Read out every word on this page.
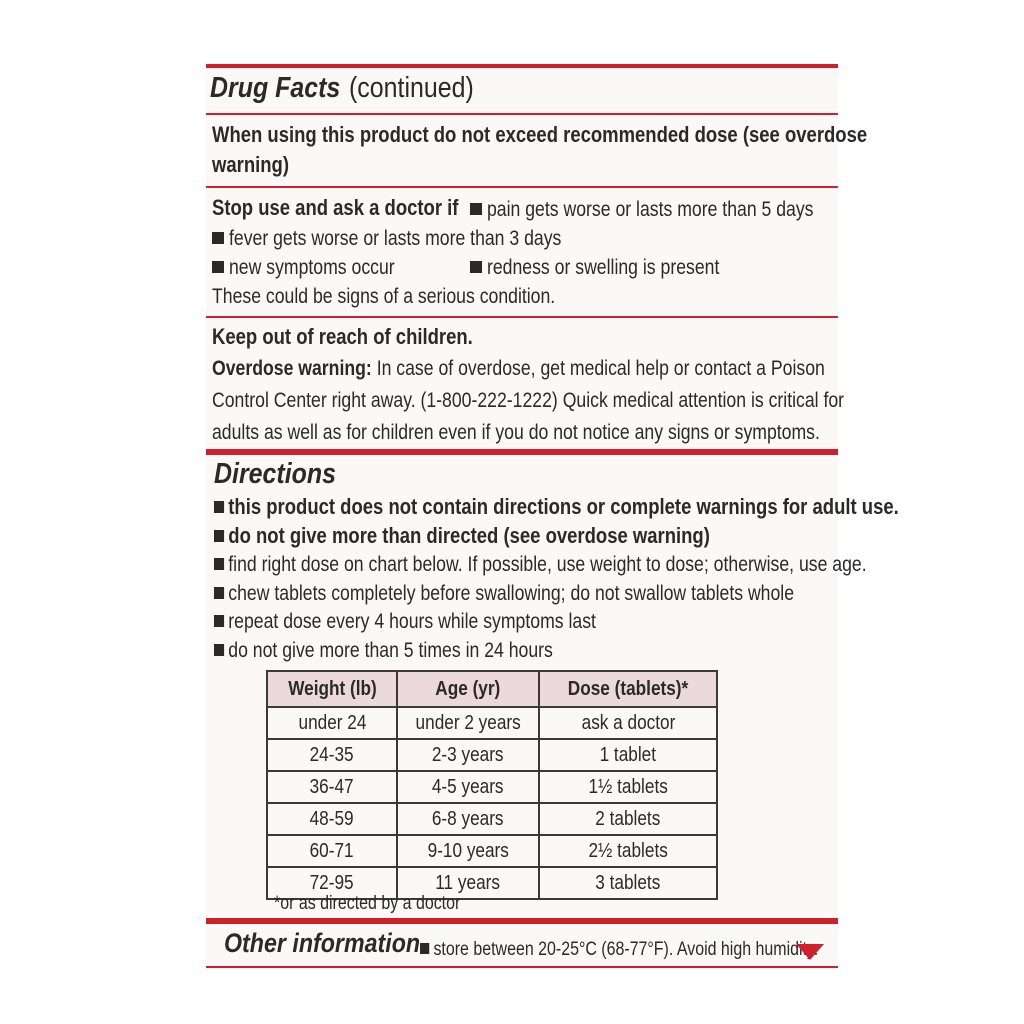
Drug Facts (continued)
When using this product do not exceed recommended dose (see overdose
warning)
Stop use and ask a doctor if	pain gets worse or lasts more than 5 days
fever gets worse or lasts more than 3 days
new symptoms occur	redness or swelling is present
These could be signs of a serious condition.
Keep out of reach of children.
Overdose warning: In case of overdose, get medical help or contact a Poison
Control Center right away. (1-800-222-1222) Quick medical attention is critical for
adults as well as for children even if you do not notice any signs or symptoms.
Directions
this product does not contain directions or complete warnings for adult use.
do not give more than directed (see overdose warning)
find right dose on chart below. If possible, use weight to dose; otherwise, use age.
chew tablets completely before swallowing; do not swallow tablets whole
repeat dose every 4 hours while symptoms last
do not give more than 5 times in 24 hours
Weight (lb)	Age (yr)	Dose (tablets)*
under 24	under 2 years	ask a doctor
24-35	2-3 years	1 tablet
36-47	4-5 years	1½ tablets
48-59	6-8 years	2 tablets
60-71	9-10 years	2½ tablets
72-95	11 years	3 tablets
*or as directed by a doctor
Other information store between 20-25°C (68-77°F). Avoid high humidity.
